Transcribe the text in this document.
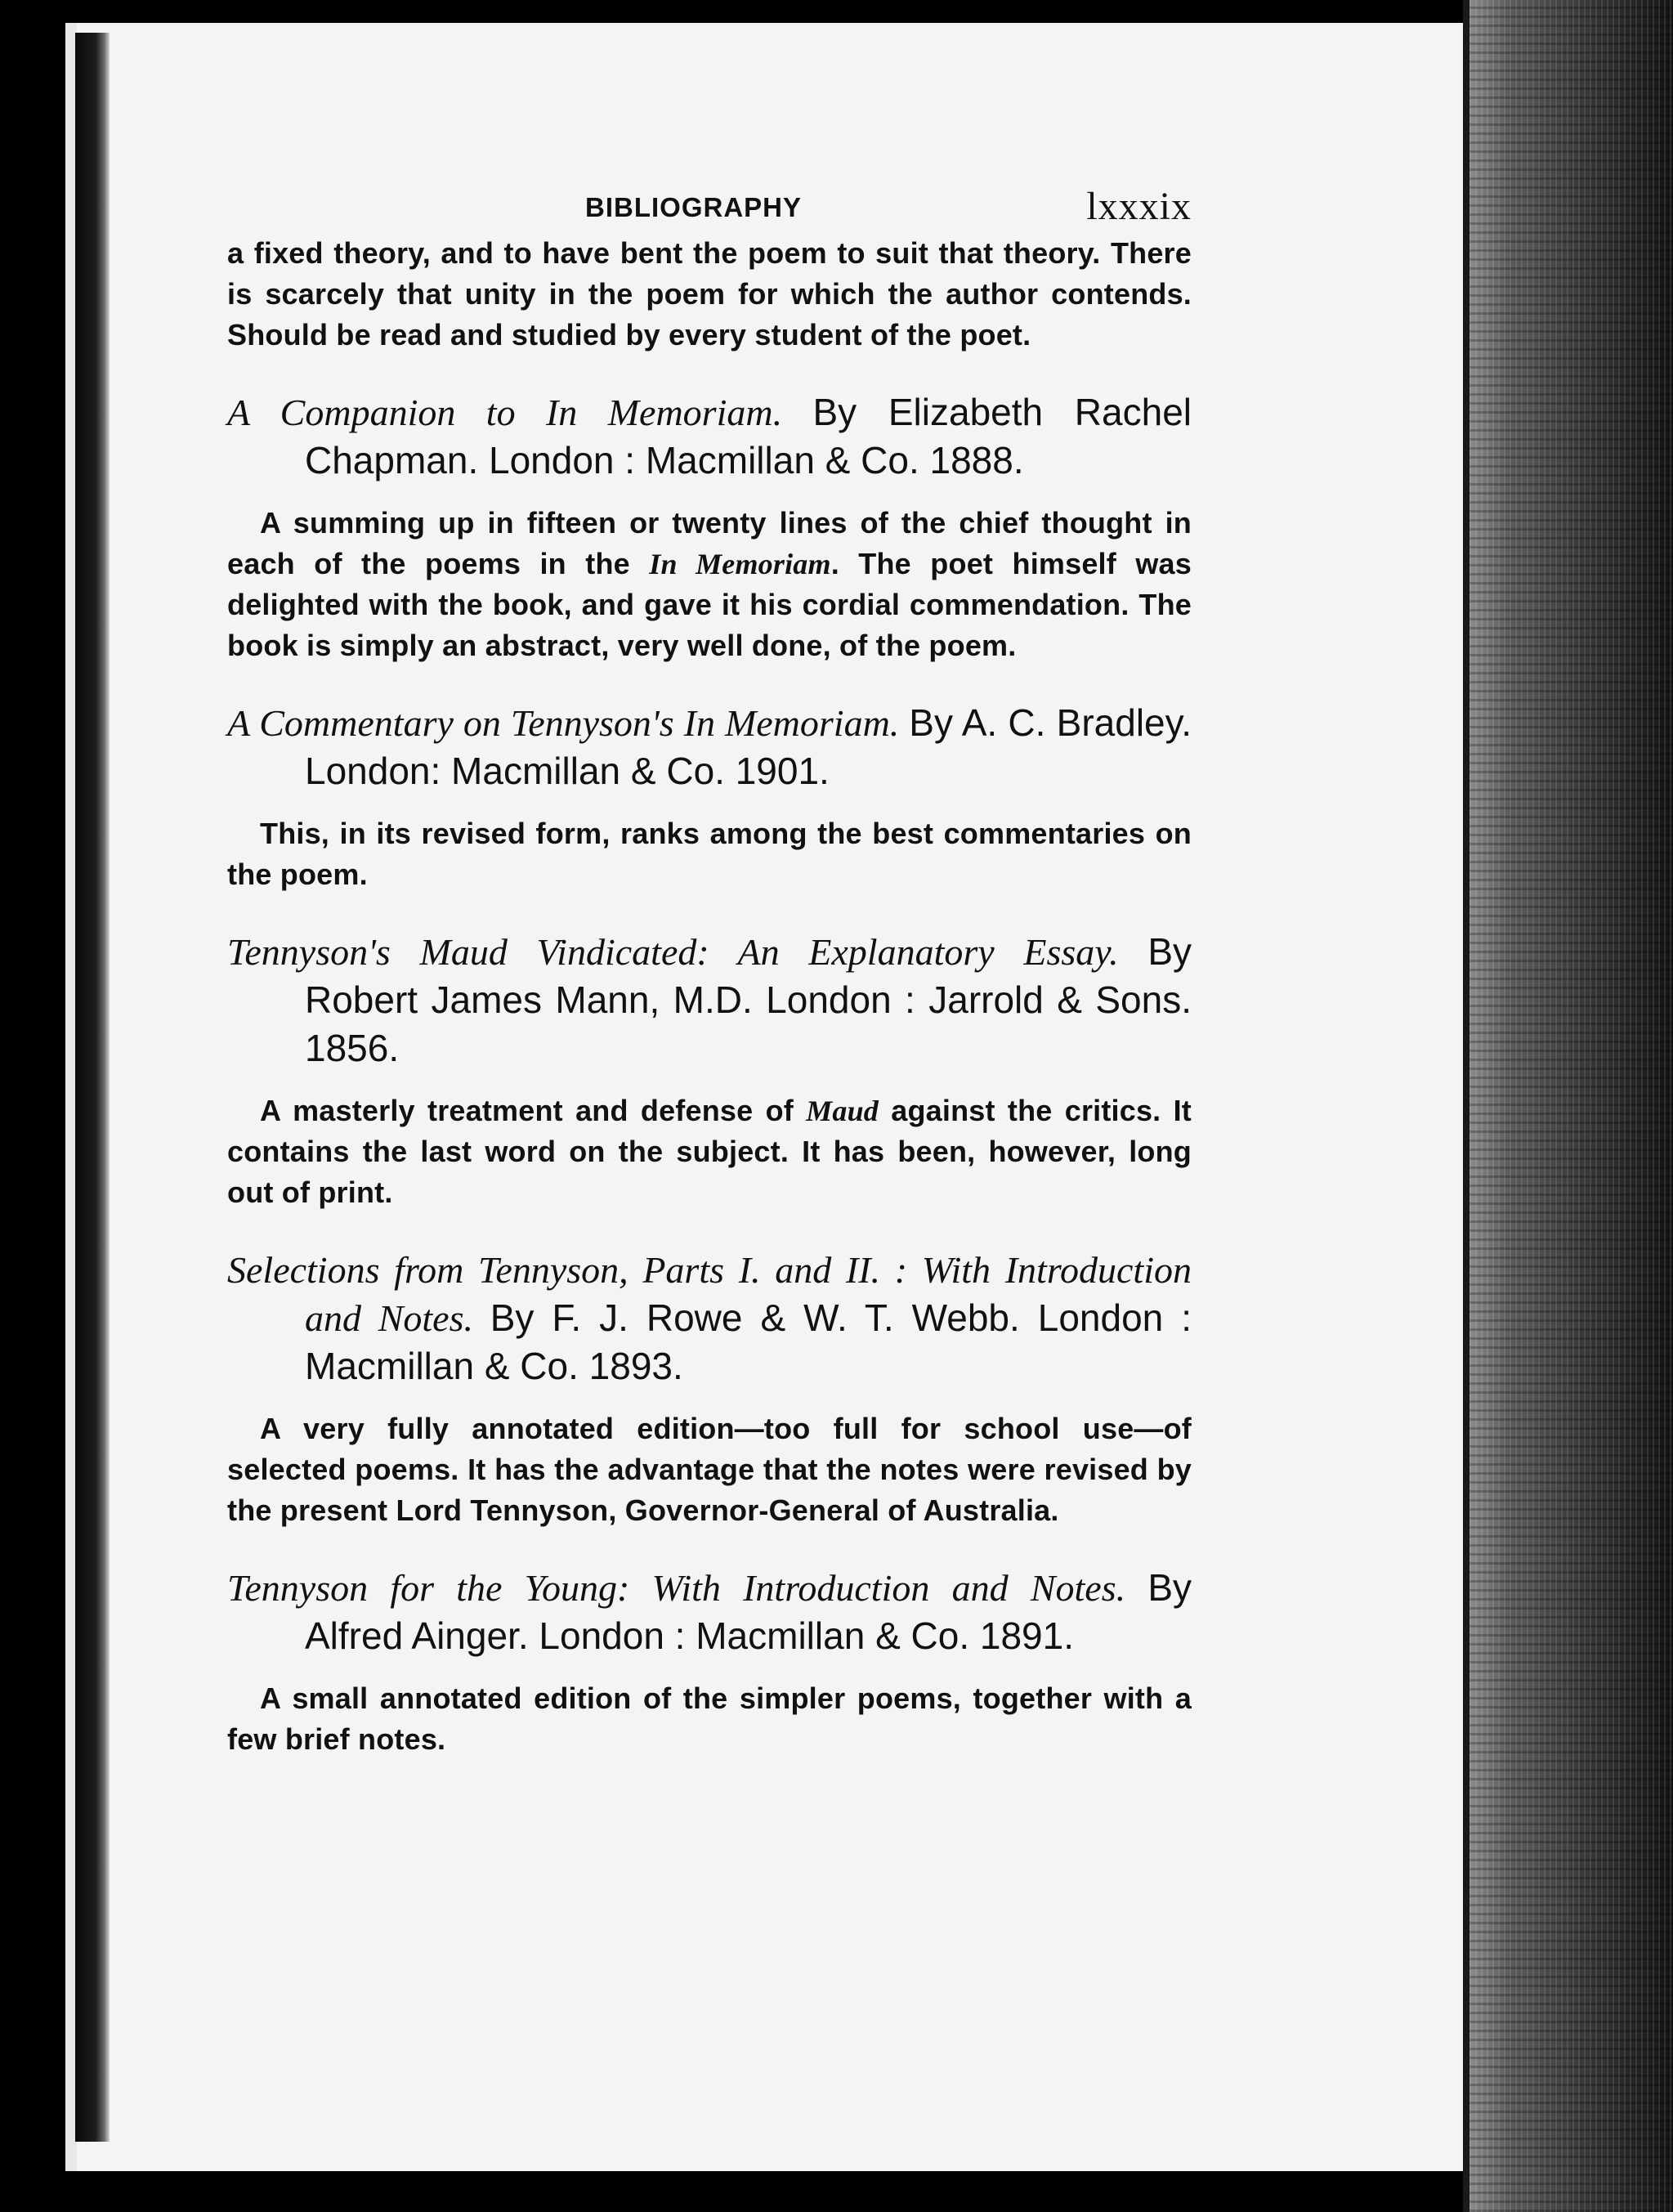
BIBLIOGRAPHY	lxxxix

a fixed theory, and to have bent the poem to suit that theory. There is scarcely that unity in the poem for which the author contends. Should be read and studied by every student of the poet.

A Companion to In Memoriam. By Elizabeth Rachel Chapman. London : Macmillan & Co. 1888.

A summing up in fifteen or twenty lines of the chief thought in each of the poems in the In Memoriam. The poet himself was delighted with the book, and gave it his cordial commendation. The book is simply an abstract, very well done, of the poem.

A Commentary on Tennyson's In Memoriam. By A. C. Bradley. London: Macmillan & Co. 1901.

This, in its revised form, ranks among the best commentaries on the poem.

Tennyson's Maud Vindicated: An Explanatory Essay. By Robert James Mann, M.D. London : Jarrold & Sons. 1856.

A masterly treatment and defense of Maud against the critics. It contains the last word on the subject. It has been, however, long out of print.

Selections from Tennyson, Parts I. and II. : With Introduction and Notes. By F. J. Rowe & W. T. Webb. London : Macmillan & Co. 1893.

A very fully annotated edition—too full for school use—of selected poems. It has the advantage that the notes were revised by the present Lord Tennyson, Governor-General of Australia.

Tennyson for the Young: With Introduction and Notes. By Alfred Ainger. London : Macmillan & Co. 1891.

A small annotated edition of the simpler poems, together with a few brief notes.
